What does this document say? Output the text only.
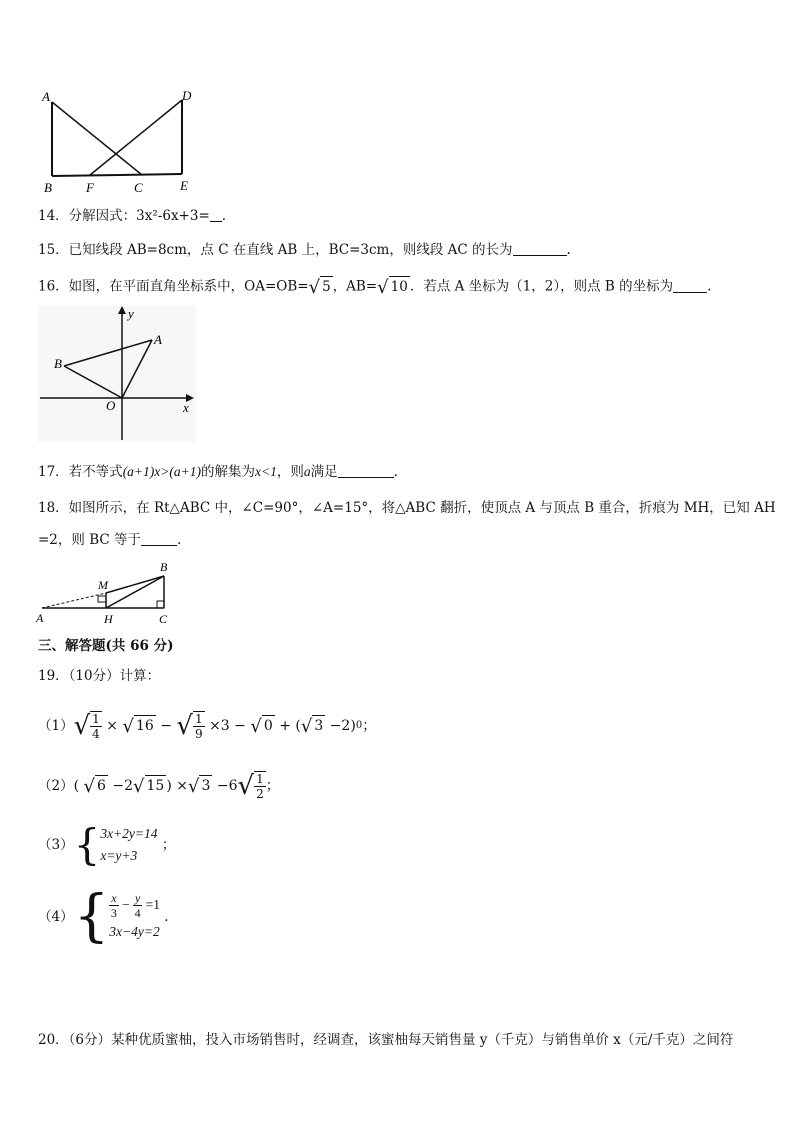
A	D
B	F	C	E
14．分解因式：3x²-6x+3= .
15．已知线段 AB=8cm，点 C 在直线 AB 上，BC=3cm，则线段 AC 的长为	.
16．如图，在平面直角坐标系中，OA=OB=√ 5 ，AB=√ 10 ．若点 A 坐标为（1，2），则点 B 的坐标为	.
y
A
B
O	x
17．若不等式(a+1)x>(a+1)的解集为x<1，则a满足	.
18．如图所示，在 Rt△ABC 中，∠C=90°，∠A=15°，将△ABC 翻折，使顶点 A 与顶点 B 重合，折痕为 MH，已知 AH
=2，则 BC 等于	.
B
M
A	H	C
三、解答题(共 66 分)
19．（10分）计算：
（1） √ $\frac{1}{4}$ × √ 16 − √ $\frac{1}{9} \times 3$ − √ 0 + ( √ 3 −2) 0 ；
（2） ( √ 6 −2 √ 15 ) × √ 3 −6 √ $\frac{1}{2}$ ；
（3） { 3x+2y=14
x=y+3
；
（4） { $\frac{x}{3} - \frac{y}{4} =1$
3x−4y=2
.
20．（6分）某种优质蜜柚，投入市场销售时，经调查，该蜜柚每天销售量 y（千克）与销售单价 x（元/千克）之间符
